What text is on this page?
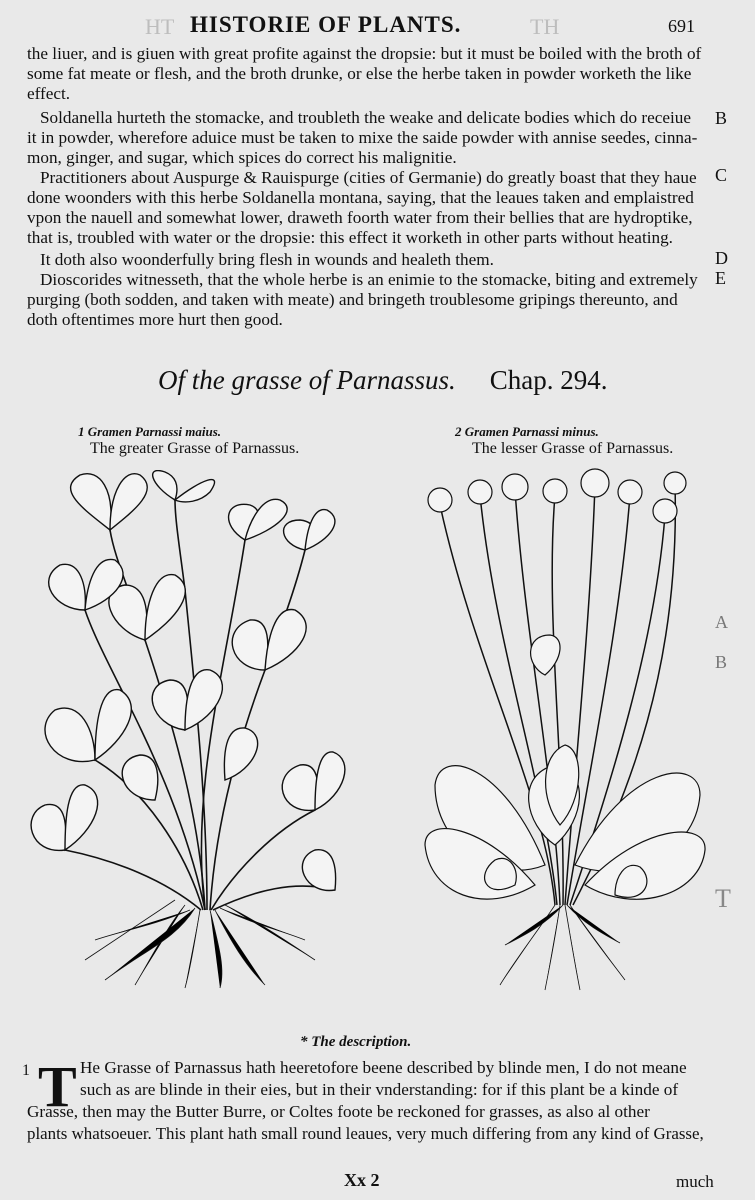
HT HISTORIE OF PLANTS.	TH	691
the liuer, and is giuen with great profite against the dropsie: but it must be boiled with the broth of
some fat meate or flesh, and the broth drunke, or else the herbe taken in powder worketh the like
effect.
Soldanella hurteth the stomacke, and troubleth the weake and delicate bodies which do receiue
it in powder, wherefore aduice must be taken to mixe the saide powder with annise seedes, cinna-
mon, ginger, and sugar, which spices do correct his malignitie.
Practitioners about Auspurge & Rauispurge (cities of Germanie) do greatly boast that they haue
done woonders with this herbe Soldanella montana, saying, that the leaues taken and emplaistred
vpon the nauell and somewhat lower, draweth foorth water from their bellies that are hydroptike,
that is, troubled with water or the dropsie: this effect it worketh in other parts without heating.
It doth also woonderfully bring flesh in wounds and healeth them.
Dioscorides witnesseth, that the whole herbe is an enimie to the stomacke, biting and extremely
purging (both sodden, and taken with meate) and bringeth troublesome gripings thereunto, and
doth oftentimes more hurt then good.
B
C
D
E
A
B
T
Of the grasse of Parnassus. Chap. 294.
1 Gramen Parnassi maius.
The greater Grasse of Parnassus.
2 Gramen Parnassi minus.
The lesser Grasse of Parnassus.
* The description.
1 T He Grasse of Parnassus hath heeretofore beene described by blinde men, I do not meane
such as are blinde in their eies, but in their vnderstanding: for if this plant be a kinde of
Grasse, then may the Butter Burre, or Coltes foote be reckoned for grasses, as also al other
plants whatsoeuer. This plant hath small round leaues, very much differing from any kind of Grasse,
Xx 2	much
